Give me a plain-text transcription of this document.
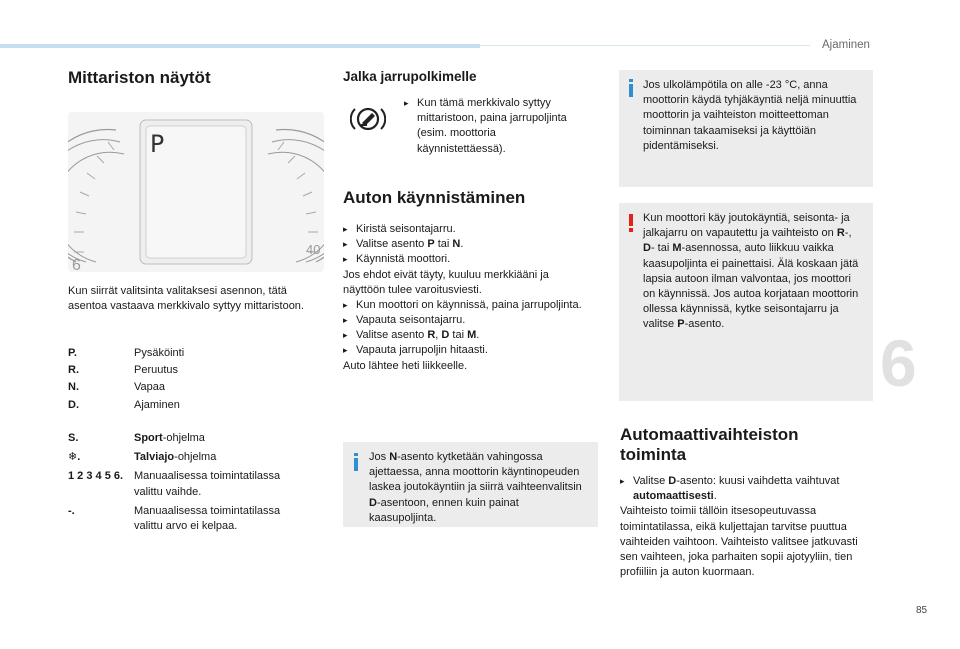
Ajaminen
6
Mittariston näytöt
P
6
40
Kun siirrät valitsinta valitaksesi asennon, tätä asentoa vastaava merkkivalo syttyy mittaristoon.
P.	Pysäköinti
R.	Peruutus
N.	Vapaa
D.	Ajaminen
S.	Sport-ohjelma
❄.	Talviajo-ohjelma
1 2 3 4 5 6. Manuaalisessa toimintatilassa valittu vaihde.
-.	Manuaalisessa toimintatilassa valittu arvo ei kelpaa.
Jalka jarrupolkimelle
▸ Kun tämä merkkivalo syttyy mittaristoon, paina jarrupoljinta (esim. moottoria käynnistettäessä).
Auton käynnistäminen
▸ Kiristä seisontajarru.
▸ Valitse asento P tai N.
▸ Käynnistä moottori.
Jos ehdot eivät täyty, kuuluu merkkiääni ja näyttöön tulee varoitusviesti.
▸ Kun moottori on käynnissä, paina jarrupoljinta.
▸ Vapauta seisontajarru.
▸ Valitse asento R, D tai M.
▸ Vapauta jarrupoljin hitaasti.
Auto lähtee heti liikkeelle.
Jos N-asento kytketään vahingossa ajettaessa, anna moottorin käyntinopeuden laskea joutokäyntiin ja siirrä vaihteenvalitsin D-asentoon, ennen kuin painat kaasupoljinta.
Jos ulkolämpötila on alle -23 °C, anna moottorin käydä tyhjäkäyntiä neljä minuuttia moottorin ja vaihteiston moitteettoman toiminnan takaamiseksi ja käyttöiän pidentämiseksi.
Kun moottori käy joutokäyntiä, seisonta- ja jalkajarru on vapautettu ja vaihteisto on R-, D- tai M-asennossa, auto liikkuu vaikka kaasupoljinta ei painettaisi. Älä koskaan jätä lapsia autoon ilman valvontaa, jos moottori on käynnissä. Jos autoa korjataan moottorin ollessa käynnissä, kytke seisontajarru ja valitse P-asento.
Automaattivaihteiston toiminta
▸ Valitse D-asento: kuusi vaihdetta vaihtuvat automaattisesti.
Vaihteisto toimii tällöin itsesopeutuvassa toimintatilassa, eikä kuljettajan tarvitse puuttua vaihteiden vaihtoon. Vaihteisto valitsee jatkuvasti sen vaihteen, joka parhaiten sopii ajotyyliin, tien profiiliin ja auton kuormaan.
85
